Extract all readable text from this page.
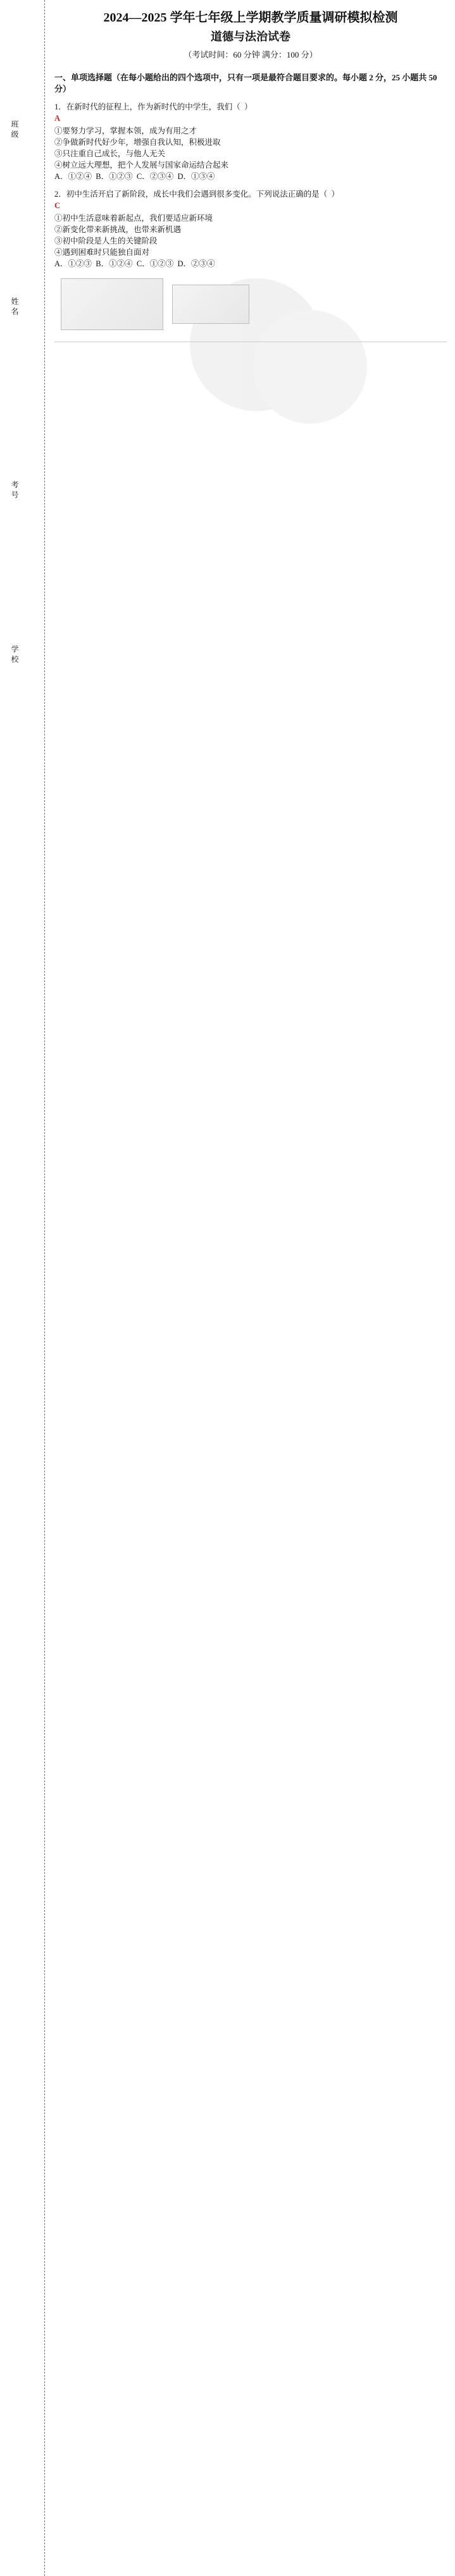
班级
姓名
考号
学校
2024—2025 学年七年级上学期教学质量调研模拟检测
道德与法治试卷
（考试时间：60 分钟 满分：100 分）
一、单项选择题（在每小题给出的四个选项中，只有一项是最符合题目要求的。每小题 2 分，25 小题共 50 分）
1．在新时代的征程上，作为新时代的中学生，我们（  ）
A
①要努力学习，掌握本领，成为有用之才
②争做新时代好少年，增强自我认知，积极进取
③只注重自己成长，与他人无关
④树立远大理想，把个人发展与国家命运结合起来
A．①②④  B．①②③  C．②③④  D．①③④
2．初中生活开启了新阶段，成长中我们会遇到很多变化。下列说法正确的是（  ）
C
①初中生活意味着新起点，我们要适应新环境
②新变化带来新挑战，也带来新机遇
③初中阶段是人生的关键阶段
④遇到困难时只能独自面对
A．①②③  B．①②④  C．①②③  D．②③④
